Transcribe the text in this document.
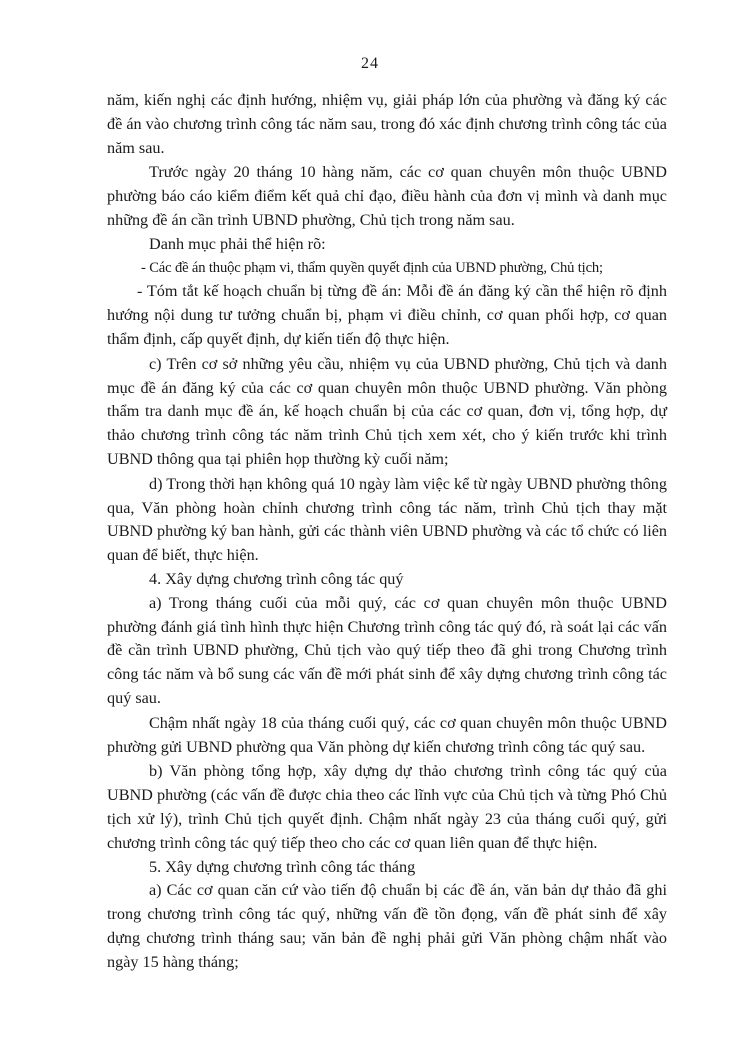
24

năm, kiến nghị các định hướng, nhiệm vụ, giải pháp lớn của phường và đăng ký các đề án vào chương trình công tác năm sau, trong đó xác định chương trình công tác của năm sau.

Trước ngày 20 tháng 10 hàng năm, các cơ quan chuyên môn thuộc UBND phường báo cáo kiểm điểm kết quả chỉ đạo, điều hành của đơn vị mình và danh mục những đề án cần trình UBND phường, Chủ tịch trong năm sau.

Danh mục phải thể hiện rõ:

- Các đề án thuộc phạm vi, thẩm quyền quyết định của UBND phường, Chủ tịch;

- Tóm tắt kế hoạch chuẩn bị từng đề án: Mỗi đề án đăng ký cần thể hiện rõ định hướng nội dung tư tưởng chuẩn bị, phạm vi điều chỉnh, cơ quan phối hợp, cơ quan thẩm định, cấp quyết định, dự kiến tiến độ thực hiện.

c) Trên cơ sở những yêu cầu, nhiệm vụ của UBND phường, Chủ tịch và danh mục đề án đăng ký của các cơ quan chuyên môn thuộc UBND phường. Văn phòng thẩm tra danh mục đề án, kế hoạch chuẩn bị của các cơ quan, đơn vị, tổng hợp, dự thảo chương trình công tác năm trình Chủ tịch xem xét, cho ý kiến trước khi trình UBND thông qua tại phiên họp thường kỳ cuối năm;

d) Trong thời hạn không quá 10 ngày làm việc kể từ ngày UBND phường thông qua, Văn phòng hoàn chỉnh chương trình công tác năm, trình Chủ tịch thay mặt UBND phường ký ban hành, gửi các thành viên UBND phường và các tổ chức có liên quan để biết, thực hiện.

4. Xây dựng chương trình công tác quý

a) Trong tháng cuối của mỗi quý, các cơ quan chuyên môn thuộc UBND phường đánh giá tình hình thực hiện Chương trình công tác quý đó, rà soát lại các vấn đề cần trình UBND phường, Chủ tịch vào quý tiếp theo đã ghi trong Chương trình công tác năm và bổ sung các vấn đề mới phát sinh để xây dựng chương trình công tác quý sau.

Chậm nhất ngày 18 của tháng cuối quý, các cơ quan chuyên môn thuộc UBND phường gửi UBND phường qua Văn phòng dự kiến chương trình công tác quý sau.

b) Văn phòng tổng hợp, xây dựng dự thảo chương trình công tác quý của UBND phường (các vấn đề được chia theo các lĩnh vực của Chủ tịch và từng Phó Chủ tịch xử lý), trình Chủ tịch quyết định. Chậm nhất ngày 23 của tháng cuối quý, gửi chương trình công tác quý tiếp theo cho các cơ quan liên quan để thực hiện.

5. Xây dựng chương trình công tác tháng

a) Các cơ quan căn cứ vào tiến độ chuẩn bị các đề án, văn bản dự thảo đã ghi trong chương trình công tác quý, những vấn đề tồn đọng, vấn đề phát sinh để xây dựng chương trình tháng sau; văn bản đề nghị phải gửi Văn phòng chậm nhất vào ngày 15 hàng tháng;
